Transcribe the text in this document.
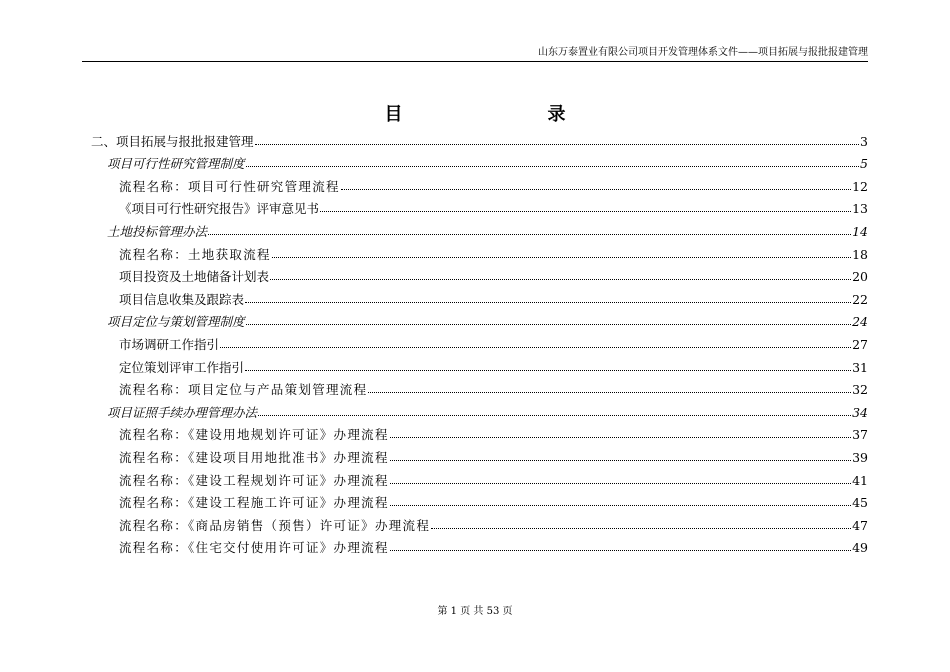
山东万泰置业有限公司项目开发管理体系文件——项目拓展与报批报建管理
目    录
二、项目拓展与报批报建管理	3
项目可行性研究管理制度	5
流程名称：项目可行性研究管理流程	12
《项目可行性研究报告》评审意见书	13
土地投标管理办法	14
流程名称：土地获取流程	18
项目投资及土地储备计划表	20
项目信息收集及跟踪表	22
项目定位与策划管理制度	24
市场调研工作指引	27
定位策划评审工作指引	31
流程名称：项目定位与产品策划管理流程	32
项目证照手续办理管理办法	34
流程名称：《建设用地规划许可证》办理流程	37
流程名称：《建设项目用地批准书》办理流程	39
流程名称：《建设工程规划许可证》办理流程	41
流程名称：《建设工程施工许可证》办理流程	45
流程名称：《商品房销售（预售）许可证》办理流程	47
流程名称：《住宅交付使用许可证》办理流程	49
第 1 页 共 53 页
